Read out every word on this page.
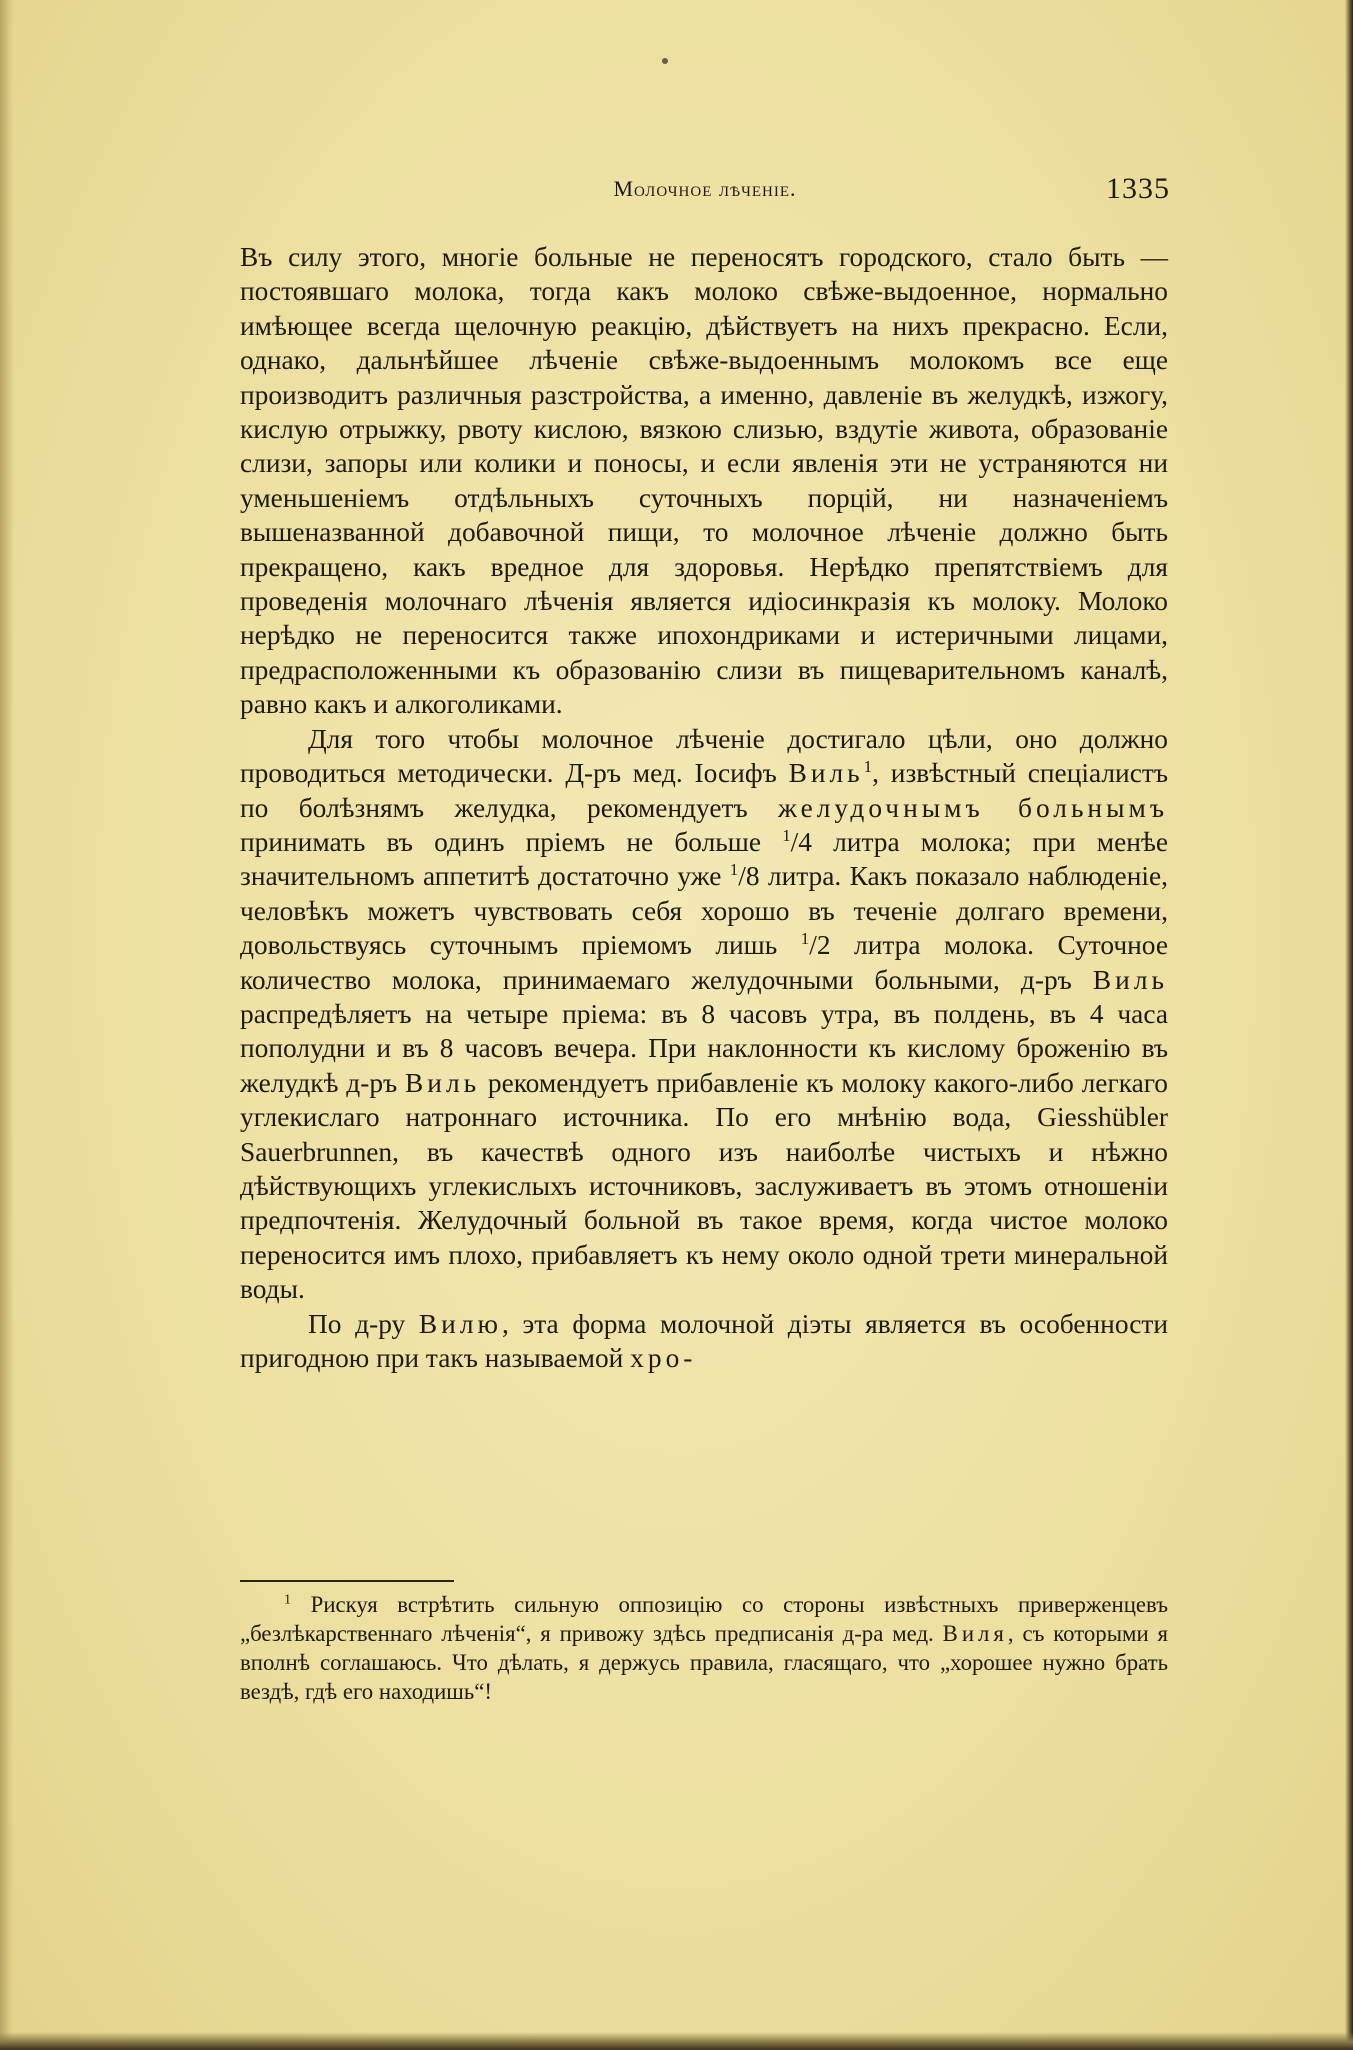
Молочное лѣченіе.	1335

Въ силу этого, многіе больные не переносятъ городского, стало быть — постоявшаго молока, тогда какъ молоко свѣже-выдоенное, нормально имѣющее всегда щелочную реакцію, дѣйствуетъ на нихъ прекрасно. Если, однако, дальнѣйшее лѣченіе свѣже-выдоеннымъ молокомъ все еще производитъ различныя разстройства, а именно, давленіе въ желудкѣ, изжогу, кислую отрыжку, рвоту кислою, вязкою слизью, вздутіе живота, образованіе слизи, запоры или колики и поносы, и если явленія эти не устраняются ни уменьшеніемъ отдѣльныхъ суточныхъ порцій, ни назначеніемъ вышеназванной добавочной пищи, то молочное лѣченіе должно быть прекращено, какъ вредное для здоровья. Нерѣдко препятствіемъ для проведенія молочнаго лѣченія является идіосинкразія къ молоку. Молоко нерѣдко не переносится также ипохондриками и истеричными лицами, предрасположенными къ образованію слизи въ пищеварительномъ каналѣ, равно какъ и алкоголиками.

Для того чтобы молочное лѣченіе достигало цѣли, оно должно проводиться методически. Д-ръ мед. Іосифъ Виль$^1$, извѣстный спеціалистъ по болѣзнямъ желудка, рекомендуетъ желудочнымъ больнымъ принимать въ одинъ пріемъ не больше $^1$/4 литра молока; при менѣе значительномъ аппетитѣ достаточно уже $^1$/8 литра. Какъ показало наблюденіе, человѣкъ можетъ чувствовать себя хорошо въ теченіе долгаго времени, довольствуясь суточнымъ пріемомъ лишь $^1$/2 литра молока. Суточное количество молока, принимаемаго желудочными больными, д-ръ Виль распредѣляетъ на четыре пріема: въ 8 часовъ утра, въ полдень, въ 4 часа пополудни и въ 8 часовъ вечера. При наклонности къ кислому броженію въ желудкѣ д-ръ Виль рекомендуетъ прибавленіе къ молоку какого-либо легкаго углекислаго натроннаго источника. По его мнѣнію вода, Giesshübler Sauerbrunnen, въ качествѣ одного изъ наиболѣе чистыхъ и нѣжно дѣйствующихъ углекислыхъ источниковъ, заслуживаетъ въ этомъ отношеніи предпочтенія. Желудочный больной въ такое время, когда чистое молоко переносится имъ плохо, прибавляетъ къ нему около одной трети минеральной воды.

По д-ру Вилю, эта форма молочной діэты является въ особенности пригодною при такъ называемой хро-

$^1$ Рискуя встрѣтить сильную оппозицію со стороны извѣстныхъ приверженцевъ „безлѣкарственнаго лѣченія“, я привожу здѣсь предписанія д-ра мед. Виля, съ которыми я вполнѣ соглашаюсь. Что дѣлать, я держусь правила, гласящаго, что „хорошее нужно брать вездѣ, гдѣ его находишь“!
